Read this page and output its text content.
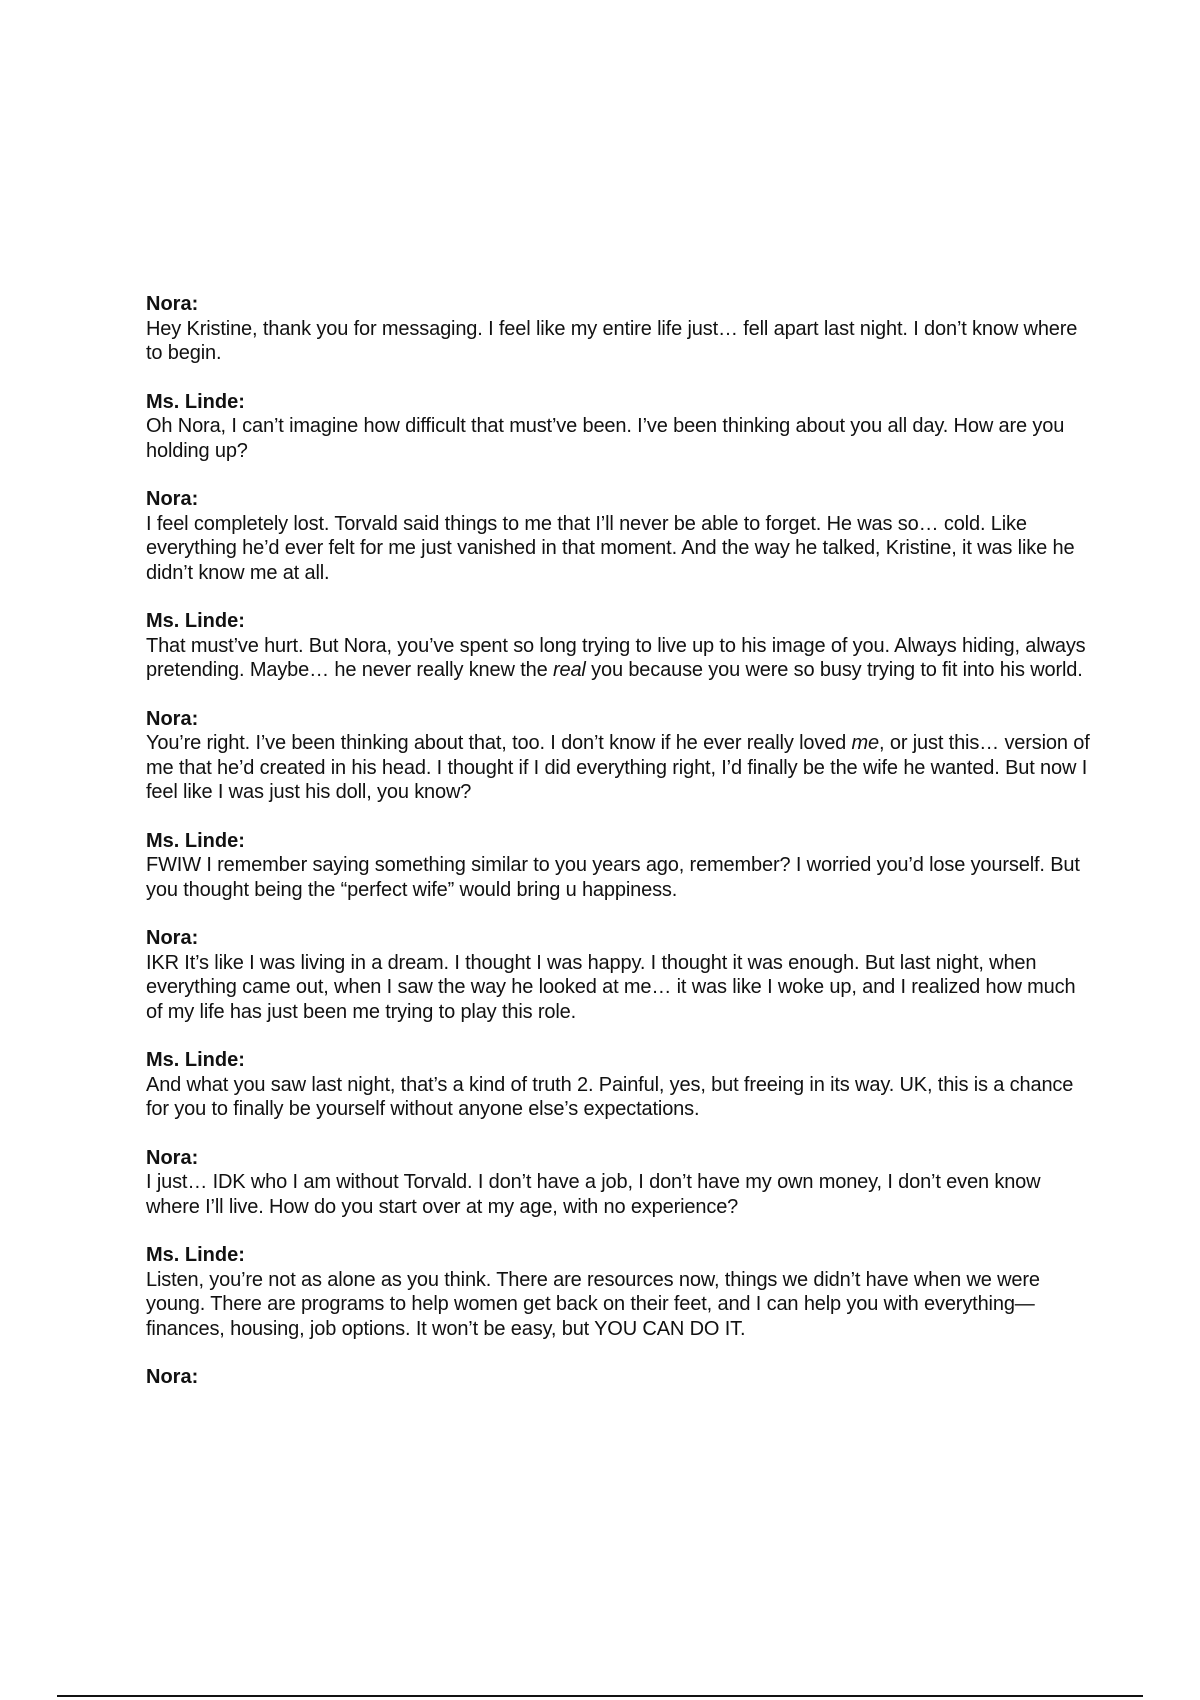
Nora:

Hey Kristine, thank you for messaging. I feel like my entire life just… fell apart last night. I don’t know where to begin.

Ms. Linde:

Oh Nora, I can’t imagine how difficult that must’ve been. I’ve been thinking about you all day. How are you holding up?

Nora:

I feel completely lost. Torvald said things to me that I’ll never be able to forget. He was so… cold. Like everything he’d ever felt for me just vanished in that moment. And the way he talked, Kristine, it was like he didn’t know me at all.

Ms. Linde:

That must’ve hurt. But Nora, you’ve spent so long trying to live up to his image of you. Always hiding, always pretending. Maybe… he never really knew the real you because you were so busy trying to fit into his world.

Nora:

You’re right. I’ve been thinking about that, too. I don’t know if he ever really loved me, or just this… version of me that he’d created in his head. I thought if I did everything right, I’d finally be the wife he wanted. But now I feel like I was just his doll, you know?

Ms. Linde:

FWIW I remember saying something similar to you years ago, remember? I worried you’d lose yourself. But you thought being the “perfect wife” would bring u happiness.

Nora:

IKR It’s like I was living in a dream. I thought I was happy. I thought it was enough. But last night, when everything came out, when I saw the way he looked at me… it was like I woke up, and I realized how much of my life has just been me trying to play this role.

Ms. Linde:

And what you saw last night, that’s a kind of truth 2. Painful, yes, but freeing in its way. UK, this is a chance for you to finally be yourself without anyone else’s expectations.

Nora:

I just… IDK who I am without Torvald. I don’t have a job, I don’t have my own money, I don’t even know where I’ll live. How do you start over at my age, with no experience?

Ms. Linde:

Listen, you’re not as alone as you think. There are resources now, things we didn’t have when we were young. There are programs to help women get back on their feet, and I can help you with everything—finances, housing, job options. It won’t be easy, but YOU CAN DO IT.

Nora:
